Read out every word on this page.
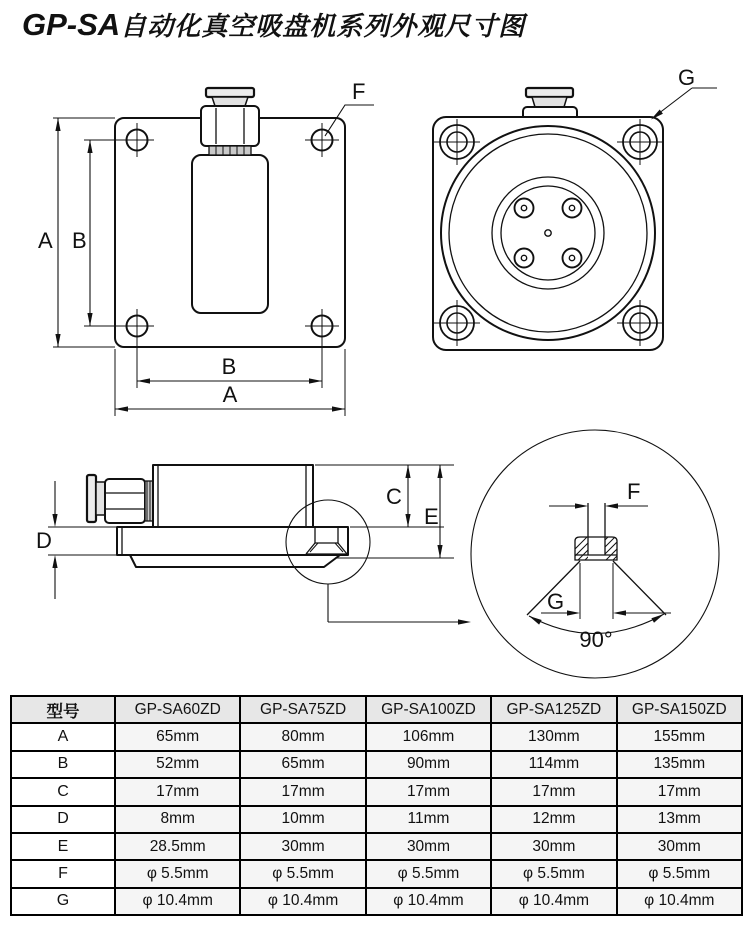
GP-SA自动化真空吸盘机系列外观尺寸图
A B
B
A
F
G
D
C
E
F
G
90°
型号	GP-SA60ZD	GP-SA75ZD	GP-SA100ZD	GP-SA125ZD	GP-SA150ZD
A	65mm	80mm	106mm	130mm	155mm
B	52mm	65mm	90mm	114mm	135mm
C	17mm	17mm	17mm	17mm	17mm
D	8mm	10mm	11mm	12mm	13mm
E	28.5mm	30mm	30mm	30mm	30mm
F	φ 5.5mm	φ 5.5mm	φ 5.5mm	φ 5.5mm	φ 5.5mm
G	φ 10.4mm	φ 10.4mm	φ 10.4mm	φ 10.4mm	φ 10.4mm
